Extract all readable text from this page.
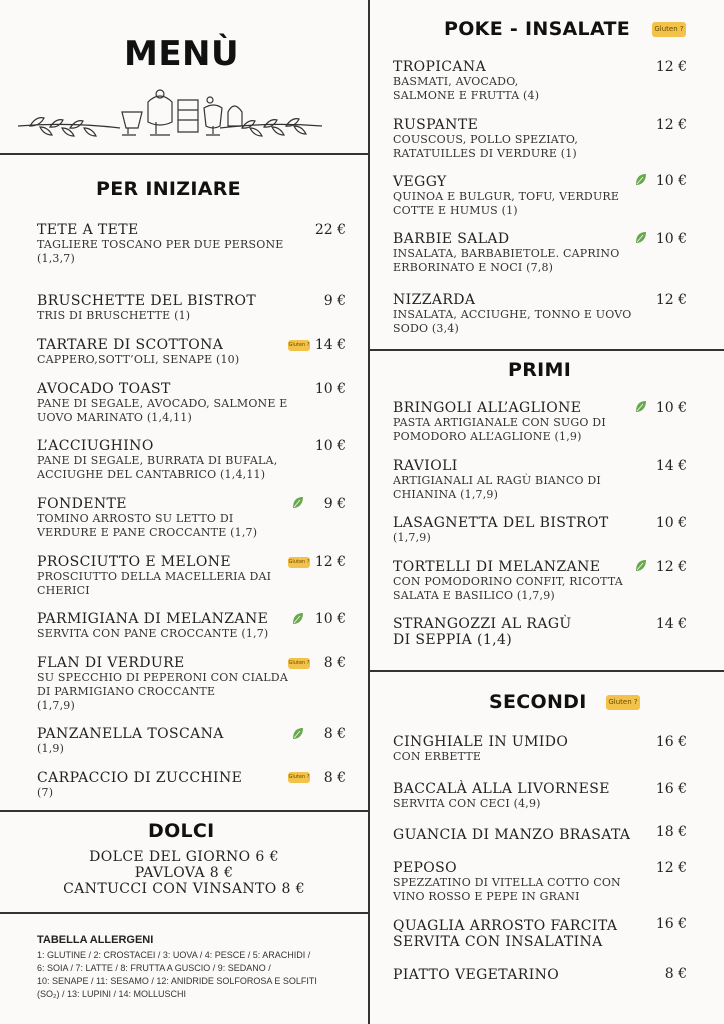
MENÙ
PER INIZIARE
TETE A TETE
TAGLIERE TOSCANO PER DUE PERSONE
(1,3,7)
22 €
BRUSCHETTE DEL BISTROT
TRIS DI BRUSCHETTE (1)
9 €
TARTARE DI SCOTTONA
CAPPERO,SOTT’OLI, SENAPE (10)
Gluten ? 14 €
AVOCADO TOAST
PANE DI SEGALE, AVOCADO, SALMONE E UOVO MARINATO (1,4,11)
10 €
L’ACCIUGHINO
PANE DI SEGALE, BURRATA DI BUFALA, ACCIUGHE DEL CANTABRICO (1,4,11)
10 €
FONDENTE
TOMINO ARROSTO SU LETTO DI VERDURE E PANE CROCCANTE (1,7)
9 €
PROSCIUTTO E MELONE
PROSCIUTTO DELLA MACELLERIA DAI CHERICI
Gluten ? 12 €
PARMIGIANA DI MELANZANE
SERVITA CON PANE CROCCANTE (1,7)
10 €
FLAN DI VERDURE
SU SPECCHIO DI PEPERONI CON CIALDA DI PARMIGIANO CROCCANTE
(1,7,9)
Gluten ?	8 €
PANZANELLA TOSCANA
(1,9)
8 €
CARPACCIO DI ZUCCHINE
(7)
Gluten ?	8 €
DOLCI
DOLCE DEL GIORNO 6 €
PAVLOVA 8 €
CANTUCCI CON VINSANTO 8 €
TABELLA ALLERGENI
1: GLUTINE / 2: CROSTACEI / 3: UOVA / 4: PESCE / 5: ARACHIDI /
6: SOIA / 7: LATTE / 8: FRUTTA A GUSCIO / 9: SEDANO /
10: SENAPE / 11: SESAMO / 12: ANIDRIDE SOLFOROSA E SOLFITI
(SO₂) / 13: LUPINI / 14: MOLLUSCHI
POKE - INSALATE	Gluten ?
TROPICANA
BASMATI, AVOCADO, SALMONE E FRUTTA (4)
12 €
RUSPANTE
COUSCOUS, POLLO SPEZIATO, RATATUILLES DI VERDURE (1)
12 €
VEGGY
QUINOA E BULGUR, TOFU, VERDURE COTTE E HUMUS (1)
10 €
BARBIE SALAD
INSALATA, BARBABIETOLE. CAPRINO ERBORINATO E NOCI (7,8)
10 €
NIZZARDA
INSALATA, ACCIUGHE, TONNO E UOVO SODO (3,4)
12 €
PRIMI
BRINGOLI ALL’AGLIONE
PASTA ARTIGIANALE CON SUGO DI POMODORO ALL’AGLIONE (1,9)
10 €
RAVIOLI
ARTIGIANALI AL RAGÙ BIANCO DI CHIANINA (1,7,9)
14 €
LASAGNETTA DEL BISTROT
(1,7,9)
10 €
TORTELLI DI MELANZANE
CON POMODORINO CONFIT, RICOTTA SALATA E BASILICO (1,7,9)
12 €
STRANGOZZI AL RAGÙ
DI SEPPIA (1,4)
14 €
SECONDI	Gluten ?
CINGHIALE IN UMIDO
CON ERBETTE
16 €
BACCALÀ ALLA LIVORNESE
SERVITA CON CECI (4,9)
16 €
GUANCIA DI MANZO BRASATA	18 €
PEPOSO
SPEZZATINO DI VITELLA COTTO CON VINO ROSSO E PEPE IN GRANI
12 €
QUAGLIA ARROSTO FARCITA
SERVITA CON INSALATINA
16 €
PIATTO VEGETARINO	8 €
